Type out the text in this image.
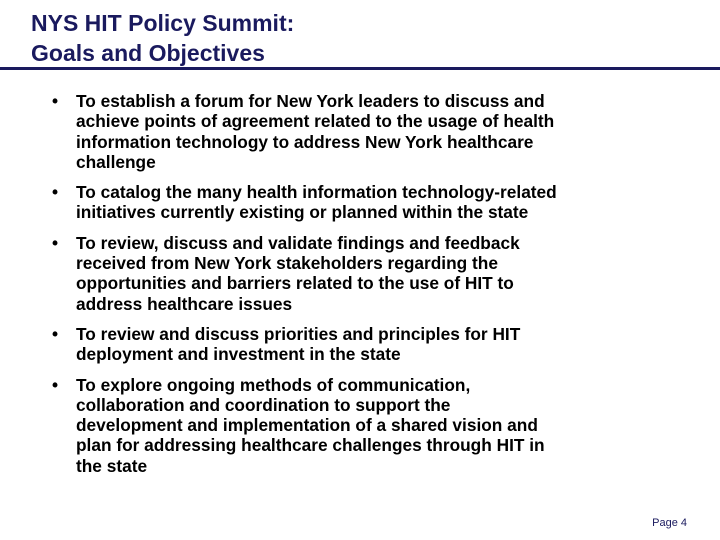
NYS HIT Policy Summit:
Goals and Objectives
• To establish a forum for New York leaders to discuss and
achieve points of agreement related to the usage of health
information technology to address New York healthcare
challenge
• To catalog the many health information technology-related
initiatives currently existing or planned within the state
• To review, discuss and validate findings and feedback
received from New York stakeholders regarding the
opportunities and barriers related to the use of HIT to
address healthcare issues
• To review and discuss priorities and principles for HIT
deployment and investment in the state
• To explore ongoing methods of communication,
collaboration and coordination to support the
development and implementation of a shared vision and
plan for addressing healthcare challenges through HIT in
the state
Page 4
